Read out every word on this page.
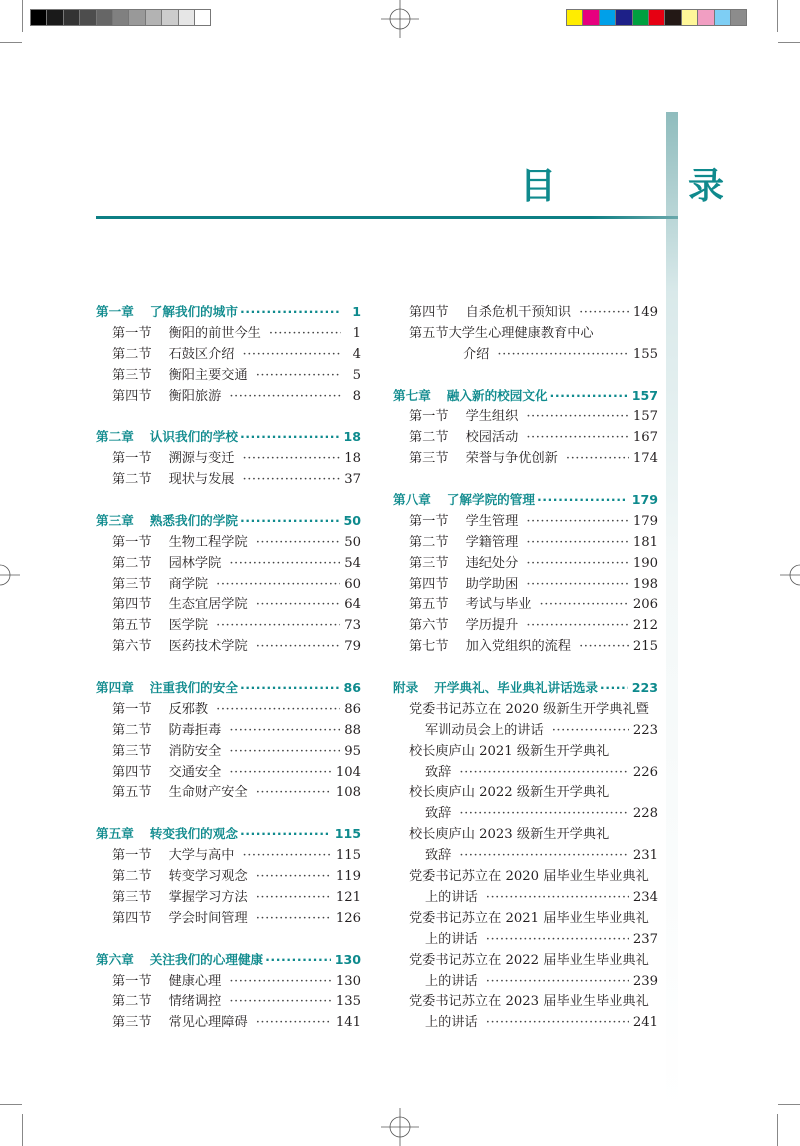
目　录
第一章 了解我们的城市 ·····	1
第一节 衡阳的前世今生 ·····	1
第二节 石鼓区介绍 ·····	4
第三节 衡阳主要交通 ·····	5
第四节 衡阳旅游 ·····	8
第二章 认识我们的学校 ·····	18
第一节 溯源与变迁 ·····	18
第二节 现状与发展 ·····	37
第三章 熟悉我们的学院 ·····	50
第一节 生物工程学院 ·····	50
第二节 园林学院 ·····	54
第三节 商学院 ·····	60
第四节 生态宜居学院 ·····	64
第五节 医学院 ·····	73
第六节 医药技术学院 ·····	79
第四章 注重我们的安全 ·····	86
第一节 反邪教 ·····	86
第二节 防毒拒毒 ·····	88
第三节 消防安全 ·····	95
第四节 交通安全 ·····	104
第五节 生命财产安全 ·····	108
第五章 转变我们的观念 ·····	115
第一节 大学与高中 ·····	115
第二节 转变学习观念 ·····	119
第三节 掌握学习方法 ·····	121
第四节 学会时间管理 ·····	126
第六章 关注我们的心理健康 ·····	130
第一节 健康心理 ·····	130
第二节 情绪调控 ·····	135
第三节 常见心理障碍 ·····	141
第四节 自杀危机干预知识 ·····	149
第五节大学生心理健康教育中心
介绍 ·····	155
第七章 融入新的校园文化 ·····	157
第一节 学生组织 ·····	157
第二节 校园活动 ·····	167
第三节 荣誉与争优创新 ·····	174
第八章 了解学院的管理 ·····	179
第一节 学生管理 ·····	179
第二节 学籍管理 ·····	181
第三节 违纪处分 ·····	190
第四节 助学助困 ·····	198
第五节 考试与毕业 ·····	206
第六节 学历提升 ·····	212
第七节 加入党组织的流程 ·····	215
附录 开学典礼、毕业典礼讲话选录 ·····	223
党委书记苏立在 2020 级新生开学典礼暨
军训动员会上的讲话 ·····	223
校长庾庐山 2021 级新生开学典礼
致辞 ·····	226
校长庾庐山 2022 级新生开学典礼
致辞 ·····	228
校长庾庐山 2023 级新生开学典礼
致辞 ·····	231
党委书记苏立在 2020 届毕业生毕业典礼
上的讲话 ·····	234
党委书记苏立在 2021 届毕业生毕业典礼
上的讲话 ·····	237
党委书记苏立在 2022 届毕业生毕业典礼
上的讲话 ·····	239
党委书记苏立在 2023 届毕业生毕业典礼
上的讲话 ·····	241
